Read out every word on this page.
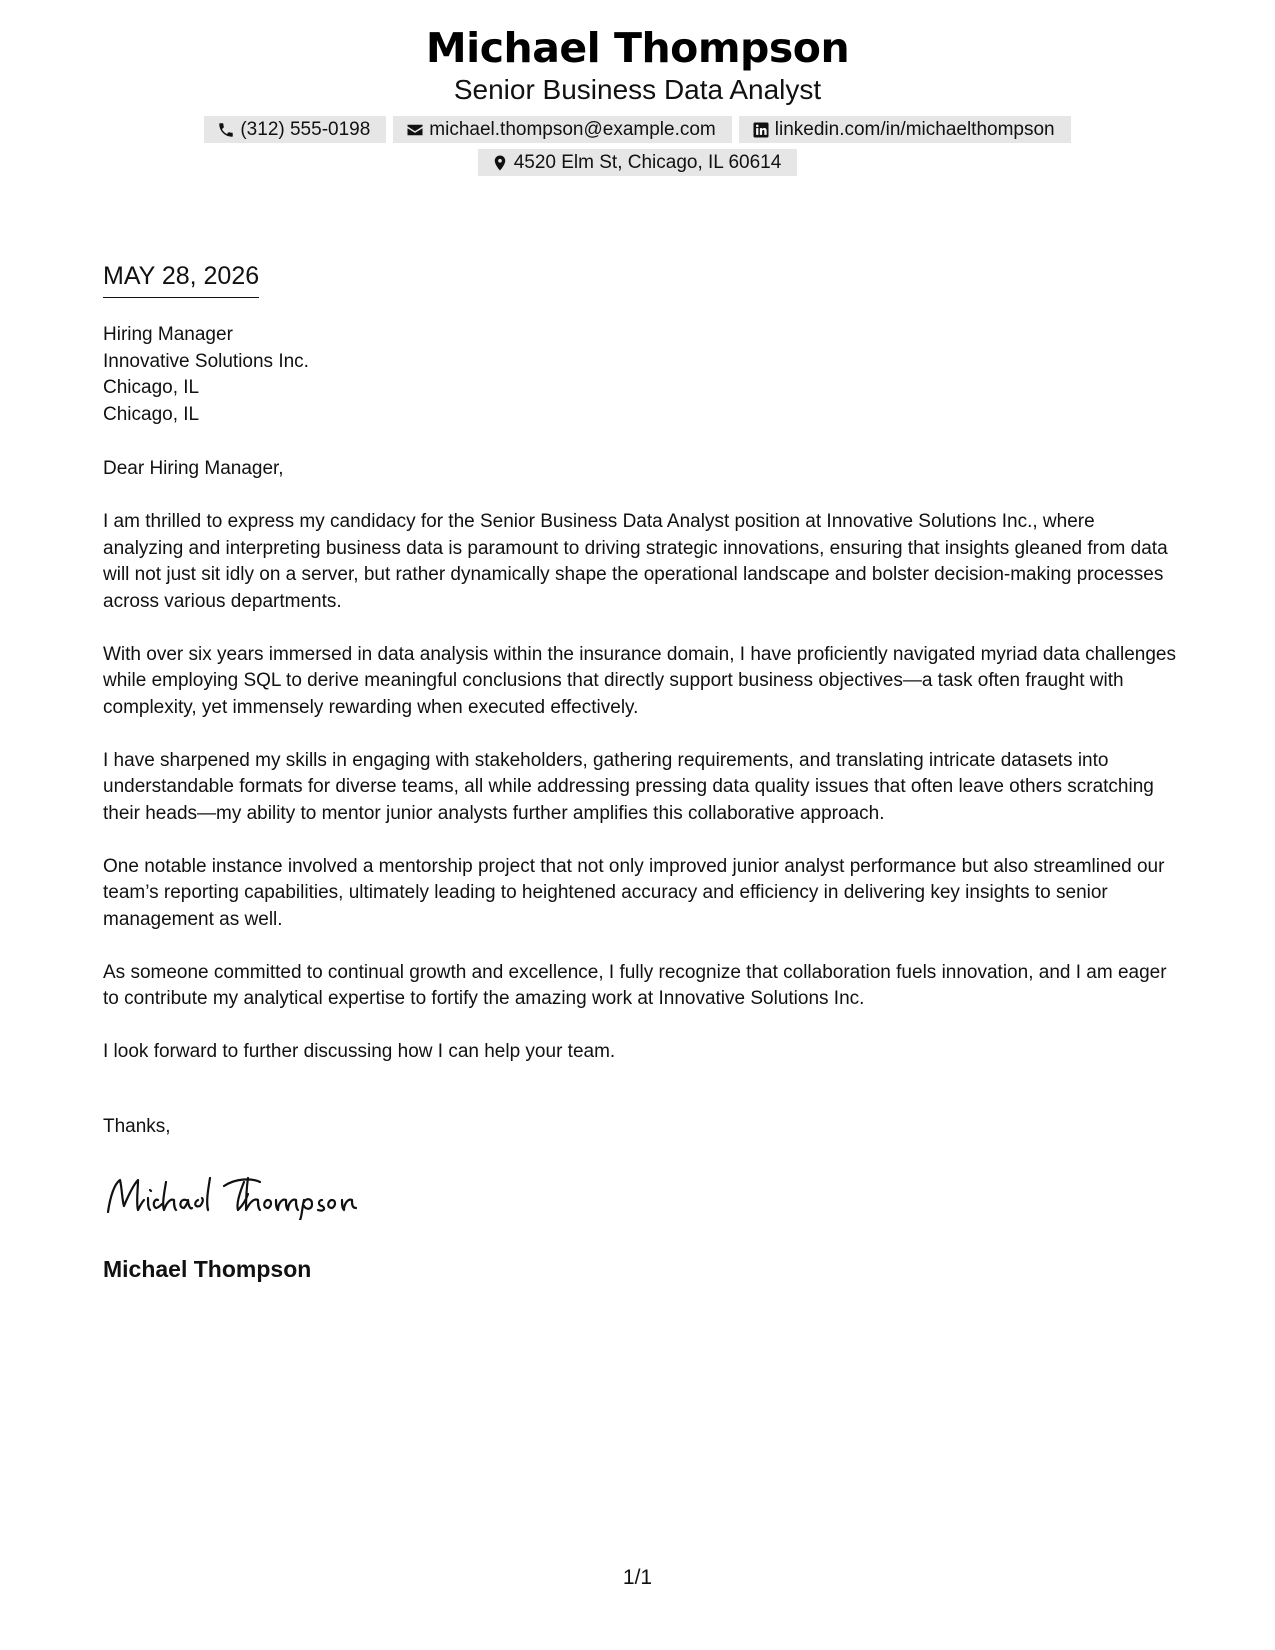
Michael Thompson
Senior Business Data Analyst
(312) 555-0198	michael.thompson@example.com	linkedin.com/in/michaelthompson
4520 Elm St, Chicago, IL 60614
MAY 28, 2026
Hiring Manager
Innovative Solutions Inc.
Chicago, IL
Chicago, IL

Dear Hiring Manager,

I am thrilled to express my candidacy for the Senior Business Data Analyst position at Innovative Solutions Inc., where analyzing and interpreting business data is paramount to driving strategic innovations, ensuring that insights gleaned from data will not just sit idly on a server, but rather dynamically shape the operational landscape and bolster decision-making processes across various departments.

With over six years immersed in data analysis within the insurance domain, I have proficiently navigated myriad data challenges while employing SQL to derive meaningful conclusions that directly support business objectives—a task often fraught with complexity, yet immensely rewarding when executed effectively.

I have sharpened my skills in engaging with stakeholders, gathering requirements, and translating intricate datasets into understandable formats for diverse teams, all while addressing pressing data quality issues that often leave others scratching their heads—my ability to mentor junior analysts further amplifies this collaborative approach.

One notable instance involved a mentorship project that not only improved junior analyst performance but also streamlined our team’s reporting capabilities, ultimately leading to heightened accuracy and efficiency in delivering key insights to senior management as well.

As someone committed to continual growth and excellence, I fully recognize that collaboration fuels innovation, and I am eager to contribute my analytical expertise to fortify the amazing work at Innovative Solutions Inc.

I look forward to further discussing how I can help your team.

Thanks,
Michael Thompson
1/1
